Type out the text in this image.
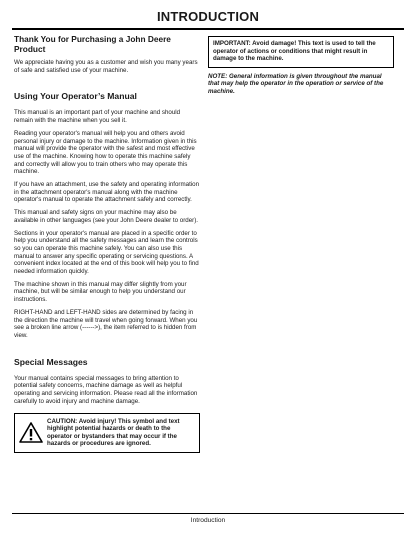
INTRODUCTION
Thank You for Purchasing a John Deere Product

We appreciate having you as a customer and wish you many years of safe and satisfied use of your machine.

Using Your Operator’s Manual

This manual is an important part of your machine and should remain with the machine when you sell it.

Reading your operator's manual will help you and others avoid personal injury or damage to the machine. Information given in this manual will provide the operator with the safest and most effective use of the machine. Knowing how to operate this machine safely and correctly will allow you to train others who may operate this machine.

If you have an attachment, use the safety and operating information in the attachment operator's manual along with the machine operator's manual to operate the attachment safely and correctly.

This manual and safety signs on your machine may also be available in other languages (see your John Deere dealer to order).

Sections in your operator's manual are placed in a specific order to help you understand all the safety messages and learn the controls so you can operate this machine safely. You can also use this manual to answer any specific operating or servicing questions. A convenient index located at the end of this book will help you to find needed information quickly.

The machine shown in this manual may differ slightly from your machine, but will be similar enough to help you understand our instructions.

RIGHT-HAND and LEFT-HAND sides are determined by facing in the direction the machine will travel when going forward. When you see a broken line arrow (------>), the item referred to is hidden from view.

Special Messages

Your manual contains special messages to bring attention to potential safety concerns, machine damage as well as helpful operating and servicing information. Please read all the information carefully to avoid injury and machine damage.

CAUTION: Avoid injury! This symbol and text highlight potential hazards or death to the operator or bystanders that may occur if the hazards or procedures are ignored.

IMPORTANT: Avoid damage! This text is used to tell the operator of actions or conditions that might result in damage to the machine.

NOTE: General information is given throughout the manual that may help the operator in the operation or service of the machine.

Introduction
